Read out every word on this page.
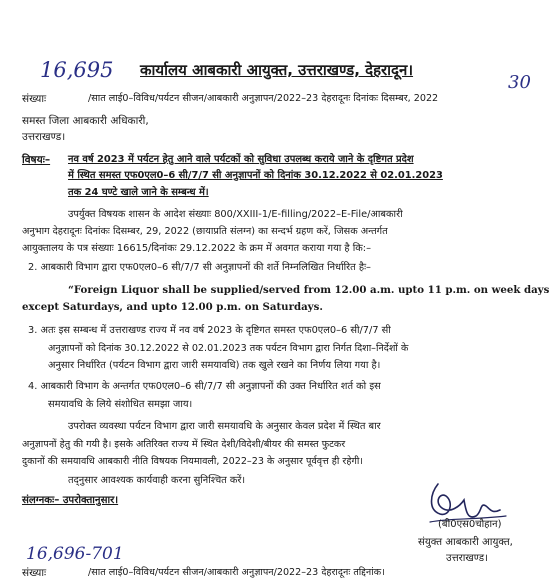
16,695 कार्यालय आबकारी आयुक्त, उत्तराखण्ड, देहरादून।
30
संख्याः	/सात लाई0–विविध/पर्यटन सीजन/आबकारी अनुज्ञापन/2022–23 देहरादूनः दिनांकः दिसम्बर, 2022
समस्त जिला आबकारी अधिकारी,
उत्तराखण्ड।
विषयः– नव वर्ष 2023 में पर्यटन हेतु आने वाले पर्यटकों को सुविधा उपलब्ध कराये जाने के दृष्टिगत प्रदेश
में स्थित समस्त एफ0एल0–6 सी/7/7 सी अनुज्ञापनों को दिनांक 30.12.2022 से 02.01.2023
तक 24 घण्टे खाले जाने के सम्बन्ध में।
उपर्युक्त विषयक शासन के आदेश संख्याः 800/XXIII-1/E-filling/2022–E-File/आबकारी
अनुभाग देहरादूनः दिनांकः दिसम्बर, 29, 2022 (छायाप्रति संलग्न) का सन्दर्भ ग्रहण करें, जिसक अन्तर्गत
आयुक्तालय के पत्र संख्याः 16615/दिनांकः 29.12.2022 के क्रम में अवगत कराया गया है कि:–
2. आबकारी विभाग द्वारा एफ0एल0–6 सी/7/7 सी अनुज्ञापनों की शर्ते निम्नलिखित निर्धारित हैः–
“Foreign Liquor shall be supplied/served from 12.00 a.m. upto 11 p.m. on week days
except Saturdays, and upto 12.00 p.m. on Saturdays.
3. अतः इस सम्बन्ध में उत्तराखण्ड राज्य में नव वर्ष 2023 के दृष्टिगत समस्त एफ0एल0–6 सी/7/7 सी
अनुज्ञापनों को दिनांक 30.12.2022 से 02.01.2023 तक पर्यटन विभाग द्वारा निर्गत दिशा–निर्देशों के
अनुसार निर्धारित (पर्यटन विभाग द्वारा जारी समयावधि) तक खुले रखने का निर्णय लिया गया है।
4. आबकारी विभाग के अन्तर्गत एफ0एल0–6 सी/7/7 सी अनुज्ञापनों की उक्त निर्धारित शर्त को इस
समयावधि के लिये संशोधित समझा जाय।
उपरोक्त व्यवस्था पर्यटन विभाग द्वारा जारी समयावधि के अनुसार केवल प्रदेश में स्थित बार
अनुज्ञापनों हेतु की गयी है। इसके अतिरिक्त राज्य में स्थित देशी/विदेशी/बीयर की समस्त फुटकर
दुकानों की समयावधि आबकारी नीति विषयक नियमावली, 2022–23 के अनुसार पूर्ववृत्त ही रहेगी।
तद्नुसार आवश्यक कार्यवाही करना सुनिश्चित करें।
संलग्नकः– उपरोक्तानुसार।
(बी0एस0चौहान)
संयुक्त आबकारी आयुक्त,
उत्तराखण्ड।
16,696-701
संख्याः	/सात लाई0–विविध/पर्यटन सीजन/आबकारी अनुज्ञापन/2022–23 देहरादूनः तद्दिनांक।
